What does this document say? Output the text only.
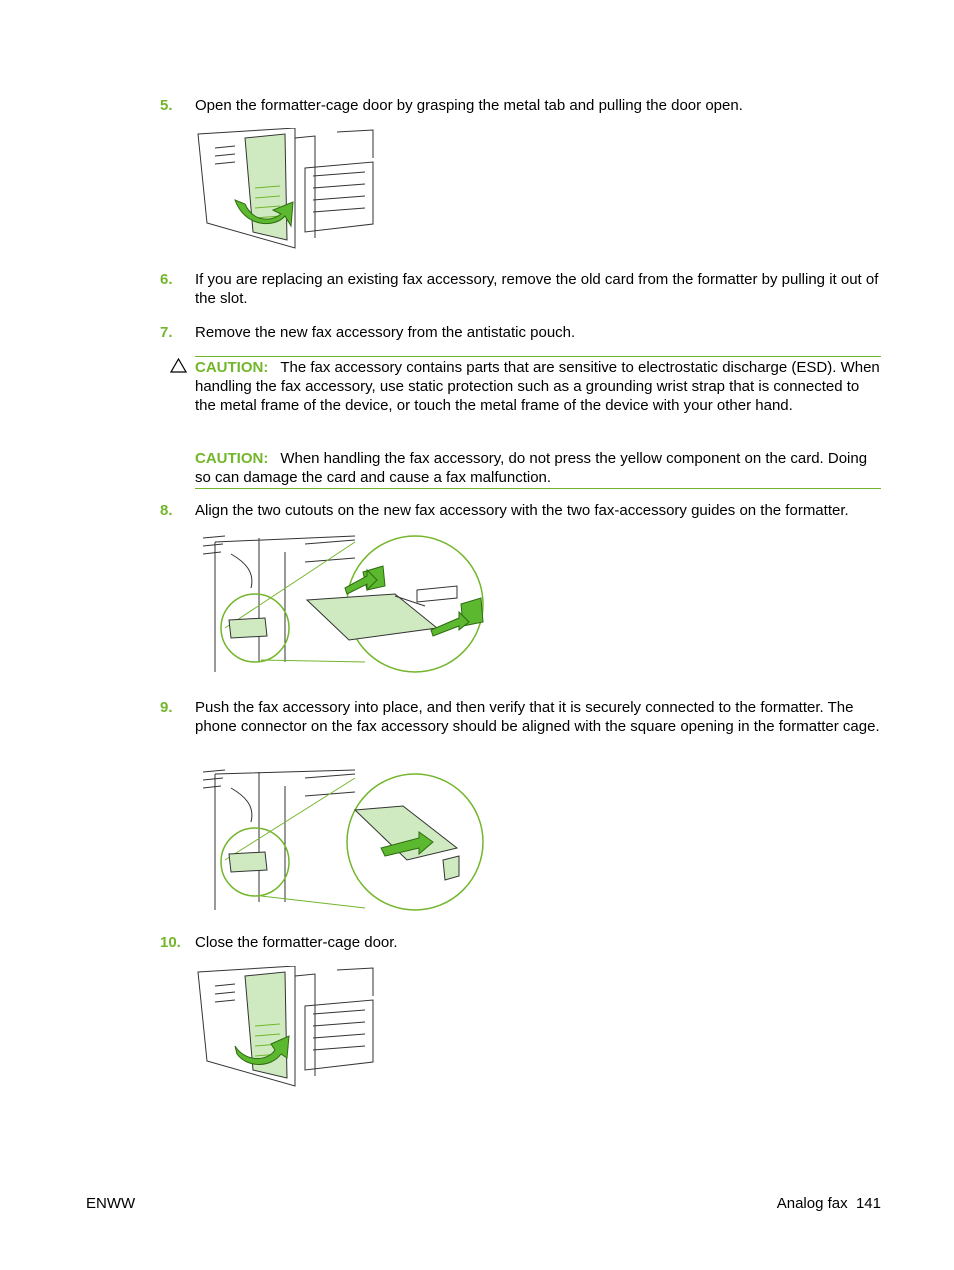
5. Open the formatter-cage door by grasping the metal tab and pulling the door open.
6. If you are replacing an existing fax accessory, remove the old card from the formatter by pulling it out of the slot.
7. Remove the new fax accessory from the antistatic pouch.
CAUTION: The fax accessory contains parts that are sensitive to electrostatic discharge (ESD). When handling the fax accessory, use static protection such as a grounding wrist strap that is connected to the metal frame of the device, or touch the metal frame of the device with your other hand.
CAUTION: When handling the fax accessory, do not press the yellow component on the card. Doing so can damage the card and cause a fax malfunction.
8. Align the two cutouts on the new fax accessory with the two fax-accessory guides on the formatter.
9. Push the fax accessory into place, and then verify that it is securely connected to the formatter. The phone connector on the fax accessory should be aligned with the square opening in the formatter cage.
10. Close the formatter-cage door.
ENWW	Analog fax 141
